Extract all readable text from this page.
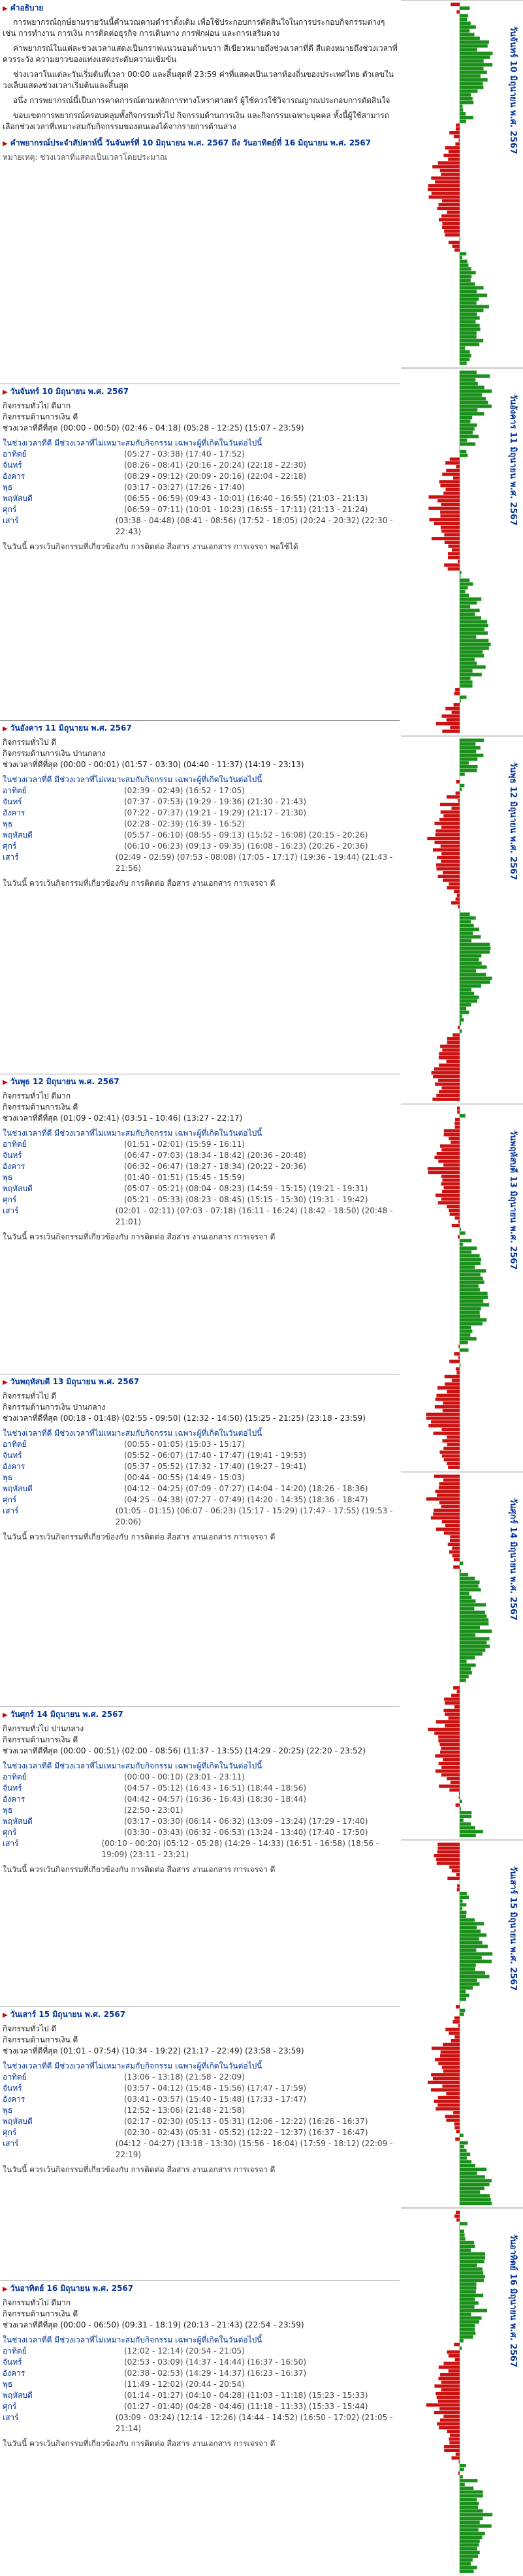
▶ คำอธิบาย

การพยากรณ์ฤกษ์ยามรายวันนี้คำนวณตามตำราดั้งเดิม เพื่อใช้ประกอบการตัดสินใจในการประกอบกิจกรรมต่างๆ เช่น การทำงาน การเงิน การติดต่อธุรกิจ การเดินทาง การพักผ่อน และการเสริมดวง

ค่าพยากรณ์ในแต่ละช่วงเวลาแสดงเป็นกราฟแนวนอนด้านขวา สีเขียวหมายถึงช่วงเวลาที่ดี สีแดงหมายถึงช่วงเวลาที่ควรระวัง ความยาวของแท่งแสดงระดับความเข้มข้น

ช่วงเวลาในแต่ละวันเริ่มต้นที่เวลา 00:00 และสิ้นสุดที่ 23:59 ค่าที่แสดงเป็นเวลาท้องถิ่นของประเทศไทย ตัวเลขในวงเล็บแสดงช่วงเวลาเริ่มต้นและสิ้นสุด

อนึ่ง การพยากรณ์นี้เป็นการคาดการณ์ตามหลักการทางโหราศาสตร์ ผู้ใช้ควรใช้วิจารณญาณประกอบการตัดสินใจ

ขอบเขตการพยากรณ์ครอบคลุมทั้งกิจกรรมทั่วไป กิจกรรมด้านการเงิน และกิจกรรมเฉพาะบุคคล ทั้งนี้ผู้ใช้สามารถเลือกช่วงเวลาที่เหมาะสมกับกิจกรรมของตนเองได้จากรายการด้านล่าง

▶ คำพยากรณ์ประจำสัปดาห์นี้ วันจันทร์ที่ 10 มิถุนายน พ.ศ. 2567 ถึง วันอาทิตย์ที่ 16 มิถุนายน พ.ศ. 2567
หมายเหตุ: ช่วงเวลาที่แสดงเป็นเวลาโดยประมาณ
▶ วันจันทร์ 10 มิถุนายน พ.ศ. 2567
กิจกรรมทั่วไป ดีมาก
กิจกรรมด้านการเงิน ดี
ช่วงเวลาที่ดีที่สุด (00:00 - 00:50) (02:46 - 04:18) (05:28 - 12:25) (15:07 - 23:59)
ในช่วงเวลาที่ดี มีช่วงเวลาที่ไม่เหมาะสมกับกิจกรรม เฉพาะผู้ที่เกิดในวันต่อไปนี้
อาทิตย์	(05:27 - 03:38) (17:40 - 17:52)
จันทร์	(08:26 - 08:41) (20:16 - 20:24) (22:18 - 22:30)
อังคาร	(08:29 - 09:12) (20:09 - 20:16) (22:04 - 22:18)
พุธ	(03:17 - 03:27) (17:26 - 17:40)
พฤหัสบดี	(06:55 - 06:59) (09:43 - 10:01) (16:40 - 16:55) (21:03 - 21:13)
ศุกร์	(06:59 - 07:11) (10:01 - 10:23) (16:55 - 17:11) (21:13 - 21:24)
เสาร์	(03:38 - 04:48) (08:41 - 08:56) (17:52 - 18:05) (20:24 - 20:32) (22:30 - 22:43)
ในวันนี้ ควรเว้นกิจกรรมที่เกี่ยวข้องกับ การติดต่อ สื่อสาร งานเอกสาร การเจรจา พอใช้ได้
▶ วันอังคาร 11 มิถุนายน พ.ศ. 2567
กิจกรรมทั่วไป ดี
กิจกรรมด้านการเงิน ปานกลาง
ช่วงเวลาที่ดีที่สุด (00:00 - 00:01) (01:57 - 03:30) (04:40 - 11:37) (14:19 - 23:13)
ในช่วงเวลาที่ดี มีช่วงเวลาที่ไม่เหมาะสมกับกิจกรรม เฉพาะผู้ที่เกิดในวันต่อไปนี้
อาทิตย์	(02:39 - 02:49) (16:52 - 17:05)
จันทร์	(07:37 - 07:53) (19:29 - 19:36) (21:30 - 21:43)
อังคาร	(07:22 - 07:37) (19:21 - 19:29) (21:17 - 21:30)
พุธ	(02:28 - 02:39) (16:39 - 16:52)
พฤหัสบดี	(05:57 - 06:10) (08:55 - 09:13) (15:52 - 16:08) (20:15 - 20:26)
ศุกร์	(06:10 - 06:23) (09:13 - 09:35) (16:08 - 16:23) (20:26 - 20:36)
เสาร์	(02:49 - 02:59) (07:53 - 08:08) (17:05 - 17:17) (19:36 - 19:44) (21:43 - 21:56)
ในวันนี้ ควรเว้นกิจกรรมที่เกี่ยวข้องกับ การติดต่อ สื่อสาร งานเอกสาร การเจรจา ดี
▶ วันพุธ 12 มิถุนายน พ.ศ. 2567
กิจกรรมทั่วไป ดีมาก
กิจกรรมด้านการเงิน ดี
ช่วงเวลาที่ดีที่สุด (01:09 - 02:41) (03:51 - 10:46) (13:27 - 22:17)
ในช่วงเวลาที่ดี มีช่วงเวลาที่ไม่เหมาะสมกับกิจกรรม เฉพาะผู้ที่เกิดในวันต่อไปนี้
อาทิตย์	(01:51 - 02:01) (15:59 - 16:11)
จันทร์	(06:47 - 07:03) (18:34 - 18:42) (20:36 - 20:48)
อังคาร	(06:32 - 06:47) (18:27 - 18:34) (20:22 - 20:36)
พุธ	(01:40 - 01:51) (15:45 - 15:59)
พฤหัสบดี	(05:07 - 05:21) (08:04 - 08:23) (14:59 - 15:15) (19:21 - 19:31)
ศุกร์	(05:21 - 05:33) (08:23 - 08:45) (15:15 - 15:30) (19:31 - 19:42)
เสาร์	(02:01 - 02:11) (07:03 - 07:18) (16:11 - 16:24) (18:42 - 18:50) (20:48 - 21:01)
ในวันนี้ ควรเว้นกิจกรรมที่เกี่ยวข้องกับ การติดต่อ สื่อสาร งานเอกสาร การเจรจา ดี
▶ วันพฤหัสบดี 13 มิถุนายน พ.ศ. 2567
กิจกรรมทั่วไป ดี
กิจกรรมด้านการเงิน ปานกลาง
ช่วงเวลาที่ดีที่สุด (00:18 - 01:48) (02:55 - 09:50) (12:32 - 14:50) (15:25 - 21:25) (23:18 - 23:59)
ในช่วงเวลาที่ดี มีช่วงเวลาที่ไม่เหมาะสมกับกิจกรรม เฉพาะผู้ที่เกิดในวันต่อไปนี้
อาทิตย์	(00:55 - 01:05) (15:03 - 15:17)
จันทร์	(05:52 - 06:07) (17:40 - 17:47) (19:41 - 19:53)
อังคาร	(05:37 - 05:52) (17:32 - 17:40) (19:27 - 19:41)
พุธ	(00:44 - 00:55) (14:49 - 15:03)
พฤหัสบดี	(04:12 - 04:25) (07:09 - 07:27) (14:04 - 14:20) (18:26 - 18:36)
ศุกร์	(04:25 - 04:38) (07:27 - 07:49) (14:20 - 14:35) (18:36 - 18:47)
เสาร์	(01:05 - 01:15) (06:07 - 06:23) (15:17 - 15:29) (17:47 - 17:55) (19:53 - 20:06)
ในวันนี้ ควรเว้นกิจกรรมที่เกี่ยวข้องกับ การติดต่อ สื่อสาร งานเอกสาร การเจรจา ดี
▶ วันศุกร์ 14 มิถุนายน พ.ศ. 2567
กิจกรรมทั่วไป ปานกลาง
กิจกรรมด้านการเงิน ดี
ช่วงเวลาที่ดีที่สุด (00:00 - 00:51) (02:00 - 08:56) (11:37 - 13:55) (14:29 - 20:25) (22:20 - 23:52)
ในช่วงเวลาที่ดี มีช่วงเวลาที่ไม่เหมาะสมกับกิจกรรม เฉพาะผู้ที่เกิดในวันต่อไปนี้
อาทิตย์	(00:00 - 00:10) (23:01 - 23:11)
จันทร์	(04:57 - 05:12) (16:43 - 16:51) (18:44 - 18:56)
อังคาร	(04:42 - 04:57) (16:36 - 16:43) (18:30 - 18:44)
พุธ	(22:50 - 23:01)
พฤหัสบดี	(03:17 - 03:30) (06:14 - 06:32) (13:09 - 13:24) (17:29 - 17:40)
ศุกร์	(03:30 - 03:43) (06:32 - 06:53) (13:24 - 13:40) (17:40 - 17:50)
เสาร์	(00:10 - 00:20) (05:12 - 05:28) (14:29 - 14:33) (16:51 - 16:58) (18:56 - 19:09) (23:11 - 23:21)
ในวันนี้ ควรเว้นกิจกรรมที่เกี่ยวข้องกับ การติดต่อ สื่อสาร งานเอกสาร การเจรจา ดี
▶ วันเสาร์ 15 มิถุนายน พ.ศ. 2567
กิจกรรมทั่วไป ดี
กิจกรรมด้านการเงิน ดี
ช่วงเวลาที่ดีที่สุด (01:01 - 07:54) (10:34 - 19:22) (21:17 - 22:49) (23:58 - 23:59)
ในช่วงเวลาที่ดี มีช่วงเวลาที่ไม่เหมาะสมกับกิจกรรม เฉพาะผู้ที่เกิดในวันต่อไปนี้
อาทิตย์	(13:06 - 13:18) (21:58 - 22:09)
จันทร์	(03:57 - 04:12) (15:48 - 15:56) (17:47 - 17:59)
อังคาร	(03:41 - 03:57) (15:40 - 15:48) (17:33 - 17:47)
พุธ	(12:52 - 13:06) (21:48 - 21:58)
พฤหัสบดี	(02:17 - 02:30) (05:13 - 05:31) (12:06 - 12:22) (16:26 - 16:37)
ศุกร์	(02:30 - 02:43) (05:31 - 05:52) (12:22 - 12:37) (16:37 - 16:47)
เสาร์	(04:12 - 04:27) (13:18 - 13:30) (15:56 - 16:04) (17:59 - 18:12) (22:09 - 22:19)
ในวันนี้ ควรเว้นกิจกรรมที่เกี่ยวข้องกับ การติดต่อ สื่อสาร งานเอกสาร การเจรจา ดี
▶ วันอาทิตย์ 16 มิถุนายน พ.ศ. 2567
กิจกรรมทั่วไป ดีมาก
กิจกรรมด้านการเงิน ดี
ช่วงเวลาที่ดีที่สุด (00:00 - 06:50) (09:31 - 18:19) (20:13 - 21:43) (22:54 - 23:59)
ในช่วงเวลาที่ดี มีช่วงเวลาที่ไม่เหมาะสมกับกิจกรรม เฉพาะผู้ที่เกิดในวันต่อไปนี้
อาทิตย์	(12:02 - 12:14) (20:54 - 21:05)
จันทร์	(02:53 - 03:09) (14:37 - 14:44) (16:37 - 16:50)
อังคาร	(02:38 - 02:53) (14:29 - 14:37) (16:23 - 16:37)
พุธ	(11:49 - 12:02) (20:44 - 20:54)
พฤหัสบดี	(01:14 - 01:27) (04:10 - 04:28) (11:03 - 11:18) (15:23 - 15:33)
ศุกร์	(01:27 - 01:40) (04:28 - 04:46) (11:18 - 11:33) (15:33 - 15:44)
เสาร์	(03:09 - 03:24) (12:14 - 12:26) (14:44 - 14:52) (16:50 - 17:02) (21:05 - 21:14)
ในวันนี้ ควรเว้นกิจกรรมที่เกี่ยวข้องกับ การติดต่อ สื่อสาร งานเอกสาร การเจรจา ดี
วันจันทร์ 10 มิถุนายน พ.ศ. 2567
วันอังคาร 11 มิถุนายน พ.ศ. 2567
วันพุธ 12 มิถุนายน พ.ศ. 2567
วันพฤหัสบดี 13 มิถุนายน พ.ศ. 2567
วันศุกร์ 14 มิถุนายน พ.ศ. 2567
วันเสาร์ 15 มิถุนายน พ.ศ. 2567
วันอาทิตย์ 16 มิถุนายน พ.ศ. 2567
